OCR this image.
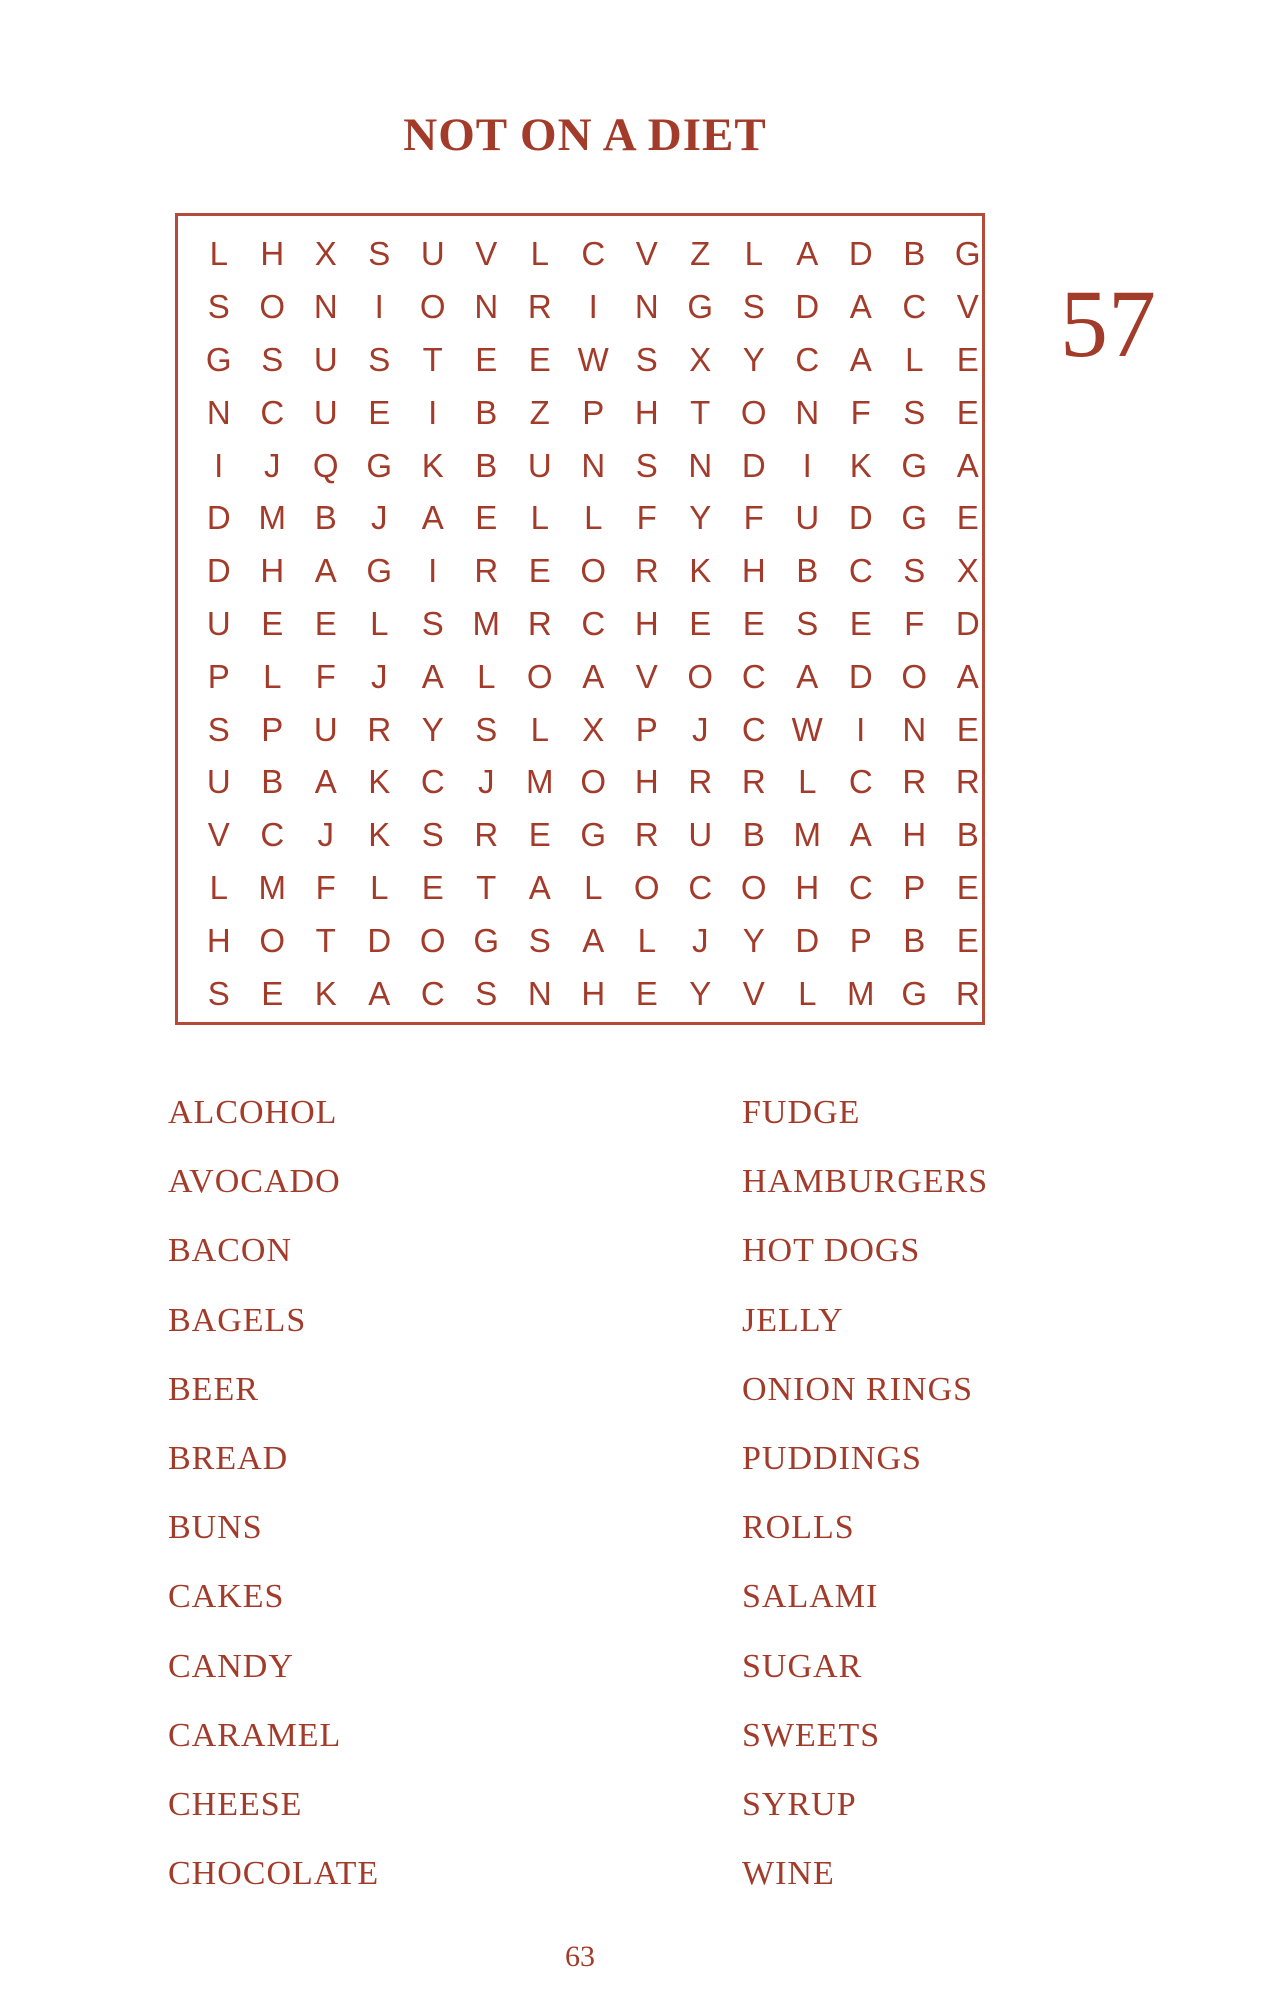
NOT ON A DIET
57
L H X S U V	L C V Z	L	A D B G
S O N	I	O N R	I	N G S D A C V
G S U S T E E W S X Y C A	L	E
N C U E	I	B Z P H T O N F S E
I	J Q G K B U N S N D	I	K G A
D M B	J	A E	L	L	F Y F U D G E
D H A G	I	R E O R K H B C S X
U E E	L	S M R C H E E S E F D
P	L	F	J	A	L O A V O C A D O A
S P U R Y S	L	X P	J	C W	I	N E
U B A K C	J M O H R R L C R R
V C	J	K S R E G R U B M A H B
L M F	L	E T A	L O C O H C P E
H O T D O G S A	L	J	Y D P B E
S E K A C S N H E Y V	L M G R
ALCOHOL
AVOCADO
BACON
BAGELS
BEER
BREAD
BUNS
CAKES
CANDY
CARAMEL
CHEESE
CHOCOLATE
FUDGE
HAMBURGERS
HOT DOGS
JELLY
ONION RINGS
PUDDINGS
ROLLS
SALAMI
SUGAR
SWEETS
SYRUP
WINE
63
